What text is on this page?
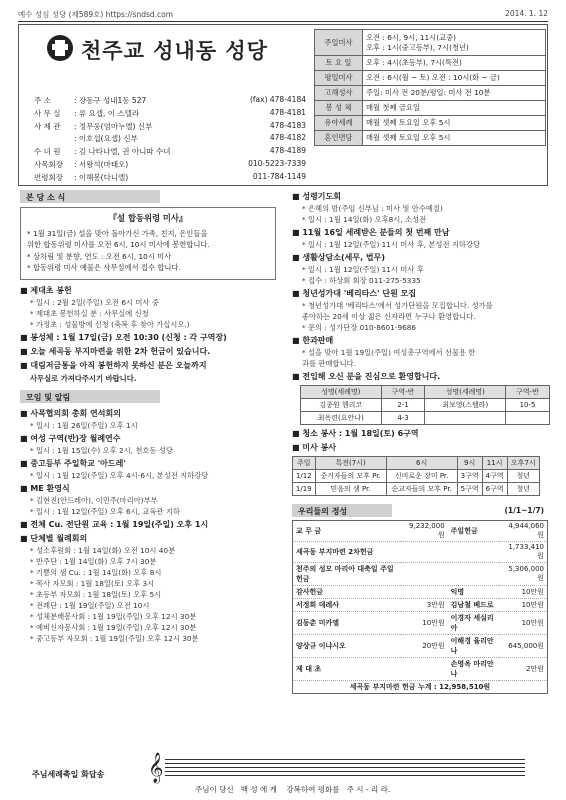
예수 성심 성당 (제589호) https://sndsd.com	2014. 1. 12
천주교 성내동 성당
주 소	: 강동구 성내1동 527	(fax) 478-4184
사 무 실 : 류 요셉, 이 스텔라	478-4181
사 제 관 : 정무웅(엄마누엘) 신부	478-4183
: 이호섭(요셉) 신부	478-4182
수 녀 원 : 김 나타나엘, 권 아니따 수녀	478-4189
사목회장 : 서왕석(마태오)	010-5223-7339
연령회장 : 이해봉(다니엘)	011-784-1149
주일미사	오전 : 6시, 9시, 11시(교중)
오후 : 1시(중고등부), 7시(청년)

토 요 일	오후 : 4시(초등부), 7시(특전)

평일미사	오전 : 6시(월 ~ 토) 오전 : 10시(화 ~ 금)

고해성사	주일: 미사 전 20분/평일: 미사 전 10분

봉 성 체	매월 첫째 금요일

유아세례	매월 셋째 토요일 오후 5시

혼인면담	매월 셋째 토요일 오후 5시
본 당 소 식
『설 합동위령 미사』
* 1월 31일(금) 설을 맞아 돌아가신 가족, 친지, 은인들을
위한 합동위령 미사를 오전 6시, 10시 미사에 봉헌합니다.
* 상차림 및 분향, 연도 : 오전 6시, 10시 미사
* 합동위령 미사 예물은 사무실에서 접수 합니다.
■ 제대초 봉헌
* 일시 : 2월 2일(주일) 오전 6시 미사 중
* 제대초 봉헌하실 분 : 사무실에 신청
* 가정초 : 성물방에 신청 (축복 후 찾아 가십시오.)
■ 봉성체 : 1월 17일(금) 오전 10:30 (신청 : 각 구역장)
■ 오늘 세곡동 부지마련을 위한 2차 헌금이 있습니다.
■ 대림저금통을 아직 봉헌하지 못하신 분은 오늘까지
사무실로 가져다주시기 바랍니다.
모임 및 알림
■ 사목협의회 총회 연석회의
* 일시 : 1월 26일(주일) 오후 1시
■ 여성 구역(반)장 월례연수
* 일시 : 1월 15일(수) 오후 2시, 천호동 성당
■ 중고등부 주일학교 '아드레'
* 일시 : 1월 12일(주일) 오후 4시-6시, 본성전 지하강당
■ ME 환영식
* 김현진(안드레아), 이민주(마리아)부부
* 일시 : 1월 12일(주일) 오후 6시, 교육관 지하
■ 전체 Cu. 전단원 교육 : 1월 19일(주일) 오후 1시
■ 단체별 월례회의
* 성소후원회 : 1월 14일(화) 오전 10시 40분
* 반주단 : 1월 14일(화) 오후 7시 30분
* 기쁨의 샘 Cu. : 1월 14일(화) 오후 8시
* 목사 자모회 : 1월 18일(토) 오후 3시
* 초등부 자모회 : 1월 18일(토) 오후 5시
* 전례단 : 1월 19일(주일) 오전 10시
* 성체분배봉사회 : 1월 19일(주일) 오후 12시 30분
* 예비신자봉사회 : 1월 19일(주일) 오후 12시 30분
* 중고등부 자모회 : 1월 19일(주일) 오후 12시 30분
■ 성령기도회
* 은혜의 밤(주임 신부님 : 미사 및 안수예절)
* 일시 : 1월 14일(화) 오후8시, 소성전
■ 11월 16일 세례받은 분들의 첫 번째 만남
* 일시 : 1월 12일(주일) 11시 미사 후, 본성전 지하강당
■ 생활상담소(세무, 법무)
* 일시 : 1월 12일(주일) 11시 미사 후
* 접수 : 하상회 회장 011-275-5335
■ 청년성가대 '베리타스' 단원 모집
* 청년성가대 '베리타스'에서 성가단원을 모집합니다. 성가를
좋아하는 20세 이상 젊은 신자라면 누구나 환영합니다.
* 문의 : 성가단장 010-8601-9686
■ 한과판매
* 설을 맞아 1월 19일(주일) 여성총구역에서 선물용 한
과를 판매합니다.
■ 전입해 오신 분을 진심으로 환영합니다.
성명(세례명)	구역-반	성명(세례명)	구역-반
김종원 헨리코	2-1	최보영(스텔라)	10-5
최옥련(요안나)	4-3		
■ 청소 봉사 : 1월 18일(토) 6구역
■ 미사 봉사
주일	특전(7시)	6시	9시	11시	오후7시
1/12	중거자들의 모후 Pr.	신비로운 장미 Pr.	3구역	4구역	청년
1/19	믿음의 샘 Pr.	순교자들의 모후 Pr.	5구역	6구역	청년
우리들의 정성	(1/1~1/7)
교 무 금	9,232,000원	주일헌금	4,944,060원
세곡동 부지마련 2차헌금			1,733,410원
천주의 성모 마리아 대축일 주일헌금			5,306,000원
감사헌금		익명	10만원
서정희 데레사	3만원	김남철 베드로	10만원
김동춘 미카엘	10만원	이경자 세실리아	10만원
양상규 이냐시오	20만원	이해경 율리안나	645,000원
제 대 초		손영옥 마리안나	2만원
세곡동 부지마련 헌금 누계 : 12,958,510원			
주님세례축일 화답송 𝄞
주님이 당신   백 성 에 게    강복하여 평화를   주 시 - 리 라.
